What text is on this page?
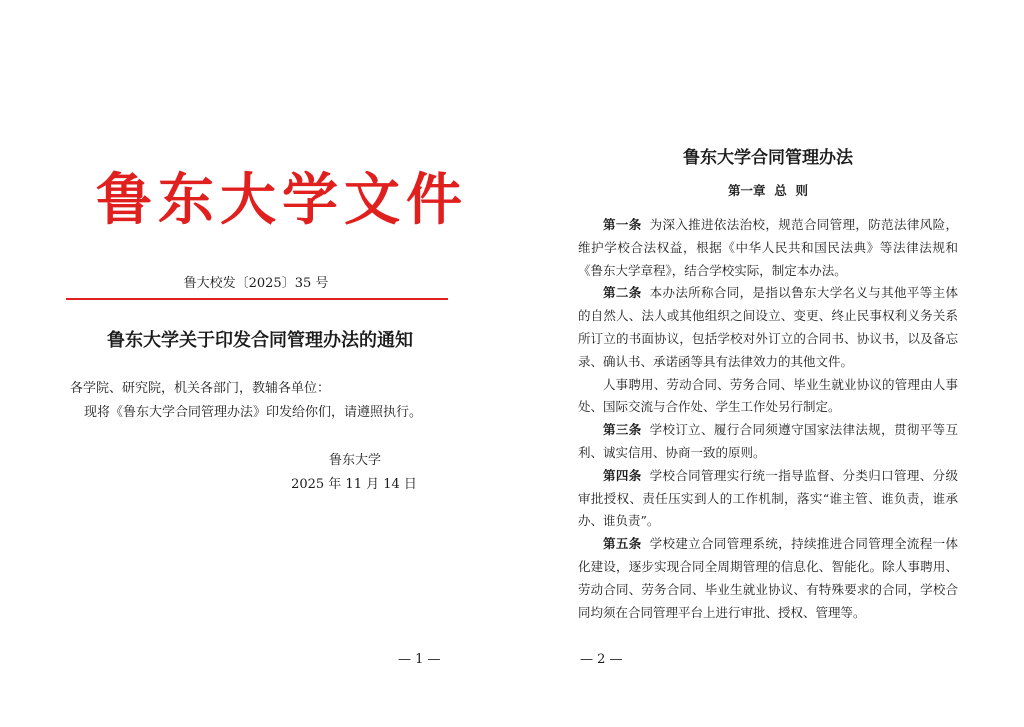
鲁东大学文件
鲁大校发〔2025〕35 号
鲁东大学关于印发合同管理办法的通知
各学院、研究院，机关各部门，教辅各单位：
现将《鲁东大学合同管理办法》印发给你们，请遵照执行。
鲁东大学
2025 年 11 月 14 日
— 1 —
鲁东大学合同管理办法
第一章  总  则

第一条 为深入推进依法治校，规范合同管理，防范法律风险，维护学校合法权益，根据《中华人民共和国民法典》等法律法规和《鲁东大学章程》，结合学校实际，制定本办法。

第二条 本办法所称合同，是指以鲁东大学名义与其他平等主体的自然人、法人或其他组织之间设立、变更、终止民事权利义务关系所订立的书面协议，包括学校对外订立的合同书、协议书，以及备忘录、确认书、承诺函等具有法律效力的其他文件。

人事聘用、劳动合同、劳务合同、毕业生就业协议的管理由人事处、国际交流与合作处、学生工作处另行制定。

第三条 学校订立、履行合同须遵守国家法律法规，贯彻平等互利、诚实信用、协商一致的原则。

第四条 学校合同管理实行统一指导监督、分类归口管理、分级审批授权、责任压实到人的工作机制，落实“谁主管、谁负责，谁承办、谁负责”。

第五条 学校建立合同管理系统，持续推进合同管理全流程一体化建设，逐步实现合同全周期管理的信息化、智能化。除人事聘用、劳动合同、劳务合同、毕业生就业协议、有特殊要求的合同，学校合同均须在合同管理平台上进行审批、授权、管理等。

— 2 —
